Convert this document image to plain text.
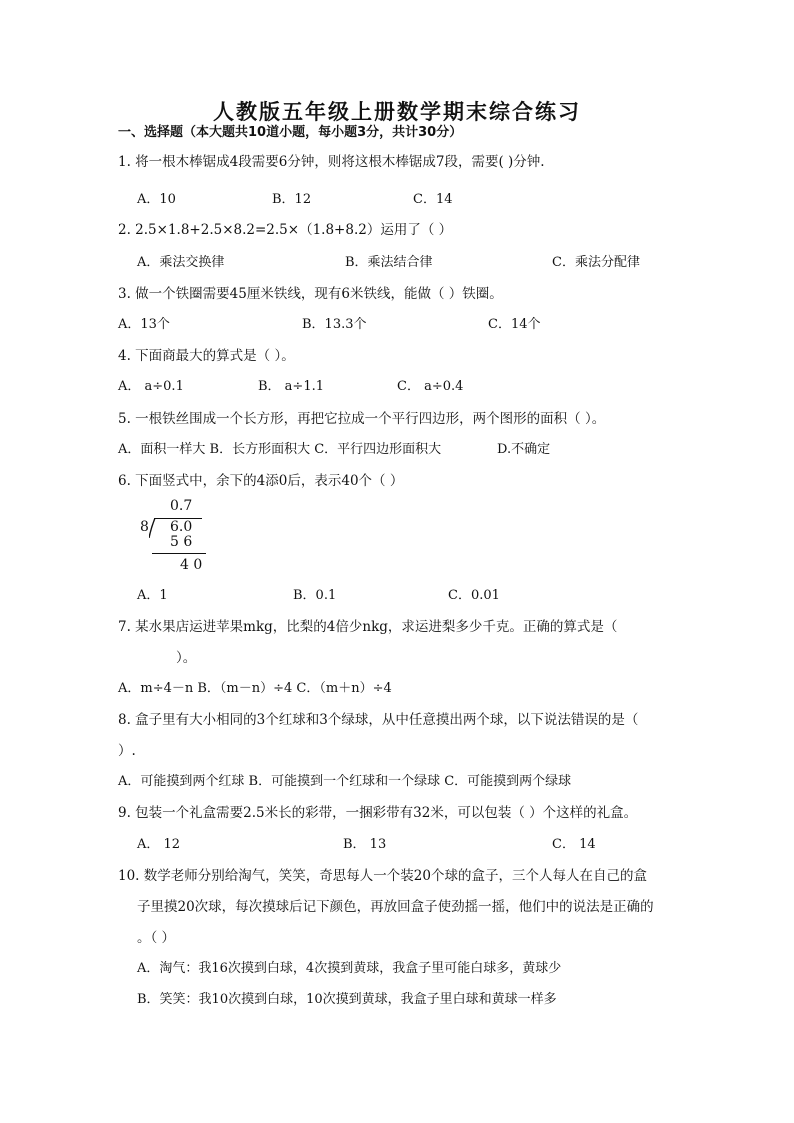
人教版五年级上册数学期末综合练习
一、选择题（本大题共10道小题，每小题3分，共计30分）
1. 将一根木棒锯成4段需要6分钟，则将这根木棒锯成7段，需要( )分钟.
A．10	B．12	C．14
2. 2.5×1.8+2.5×8.2=2.5×（1.8+8.2）运用了（ ）
A．乘法交换律	B．乘法结合律	C．乘法分配律
3. 做一个铁圈需要45厘米铁线，现有6米铁线，能做（ ）铁圈。
A．13个	B．13.3个	C．14个
4. 下面商最大的算式是（ ）。
A． a÷0.1	B． a÷1.1	C． a÷0.4
5. 一根铁丝围成一个长方形，再把它拉成一个平行四边形，两个图形的面积（ ）。
A．面积一样大 B．长方形面积大 C．平行四边形面积大	D.不确定
6. 下面竖式中，余下的4添0后，表示40个（ ）
0.7
8 6.0
5 6
4 0
A．1	B．0.1	C．0.01
7. 某水果店运进苹果mkg，比梨的4倍少nkg，求运进梨多少千克。正确的算式是（
）。
A．m÷4－n B．（m－n）÷4 C．（m＋n）÷4
8. 盒子里有大小相同的3个红球和3个绿球，从中任意摸出两个球，以下说法错误的是（
）.
A．可能摸到两个红球 B．可能摸到一个红球和一个绿球 C．可能摸到两个绿球
9. 包装一个礼盒需要2.5米长的彩带，一捆彩带有32米，可以包装（ ）个这样的礼盒。
A． 12	B． 13	C． 14
10. 数学老师分别给淘气，笑笑，奇思每人一个装20个球的盒子，三个人每人在自己的盒
子里摸20次球，每次摸球后记下颜色，再放回盒子使劲摇一摇，他们中的说法是正确的
。（ ）
A．淘气：我16次摸到白球，4次摸到黄球，我盒子里可能白球多，黄球少
B．笑笑：我10次摸到白球，10次摸到黄球，我盒子里白球和黄球一样多
